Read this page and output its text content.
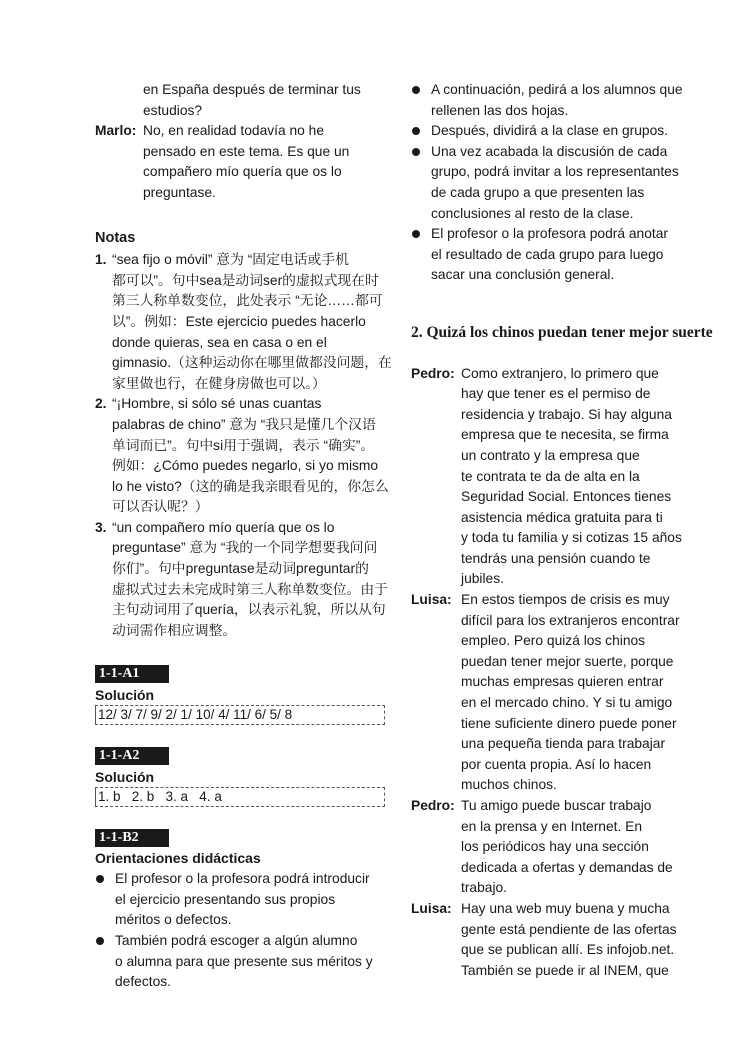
en España después de terminar tus
estudios?
Marlo: No, en realidad todavía no he
pensado en este tema. Es que un
compañero mío quería que os lo
preguntase.
Notas
1. “sea fijo o móvil” 意为 “固定电话或手机
都可以”。句中sea是动词ser的虚拟式现在时
第三人称单数变位，此处表示 “无论……都可
以”。例如：Este ejercicio puedes hacerlo
donde quieras, sea en casa o en el
gimnasio.（这种运动你在哪里做都没问题，在
家里做也行，在健身房做也可以。）
2. “¡Hombre, si sólo sé unas cuantas
palabras de chino” 意为 “我只是懂几个汉语
单词而已”。句中si用于强调，表示 “确实”。
例如：¿Cómo puedes negarlo, si yo mismo
lo he visto?（这的确是我亲眼看见的，你怎么
可以否认呢？）
3. “un compañero mío quería que os lo
preguntase” 意为 “我的一个同学想要我问问
你们”。句中preguntase是动词preguntar的
虚拟式过去未完成时第三人称单数变位。由于
主句动词用了quería，以表示礼貌，所以从句
动词需作相应调整。
1-1-A1
Solución
12/ 3/ 7/ 9/ 2/ 1/ 10/ 4/ 11/ 6/ 5/ 8
1-1-A2
Solución
1. b   2. b   3. a   4. a
1-1-B2
Orientaciones didácticas
El profesor o la profesora podrá introducir
el ejercicio presentando sus propios
méritos o defectos.
También podrá escoger a algún alumno
o alumna para que presente sus méritos y
defectos.
A continuación, pedirá a los alumnos que
rellenen las dos hojas.
Después, dividirá a la clase en grupos.
Una vez acabada la discusión de cada
grupo, podrá invitar a los representantes
de cada grupo a que presenten las
conclusiones al resto de la clase.
El profesor o la profesora podrá anotar
el resultado de cada grupo para luego
sacar una conclusión general.
2. Quizá los chinos puedan tener mejor suerte
Pedro: Como extranjero, lo primero que
hay que tener es el permiso de
residencia y trabajo. Si hay alguna
empresa que te necesita, se firma
un contrato y la empresa que
te contrata te da de alta en la
Seguridad Social. Entonces tienes
asistencia médica gratuita para ti
y toda tu familia y si cotizas 15 años
tendrás una pensión cuando te
jubiles.
Luisa: En estos tiempos de crisis es muy
difícil para los extranjeros encontrar
empleo. Pero quizá los chinos
puedan tener mejor suerte, porque
muchas empresas quieren entrar
en el mercado chino. Y si tu amigo
tiene suficiente dinero puede poner
una pequeña tienda para trabajar
por cuenta propia. Así lo hacen
muchos chinos.
Pedro: Tu amigo puede buscar trabajo
en la prensa y en Internet. En
los periódicos hay una sección
dedicada a ofertas y demandas de
trabajo.
Luisa: Hay una web muy buena y mucha
gente está pendiente de las ofertas
que se publican allí. Es infojob.net.
También se puede ir al INEM, que
